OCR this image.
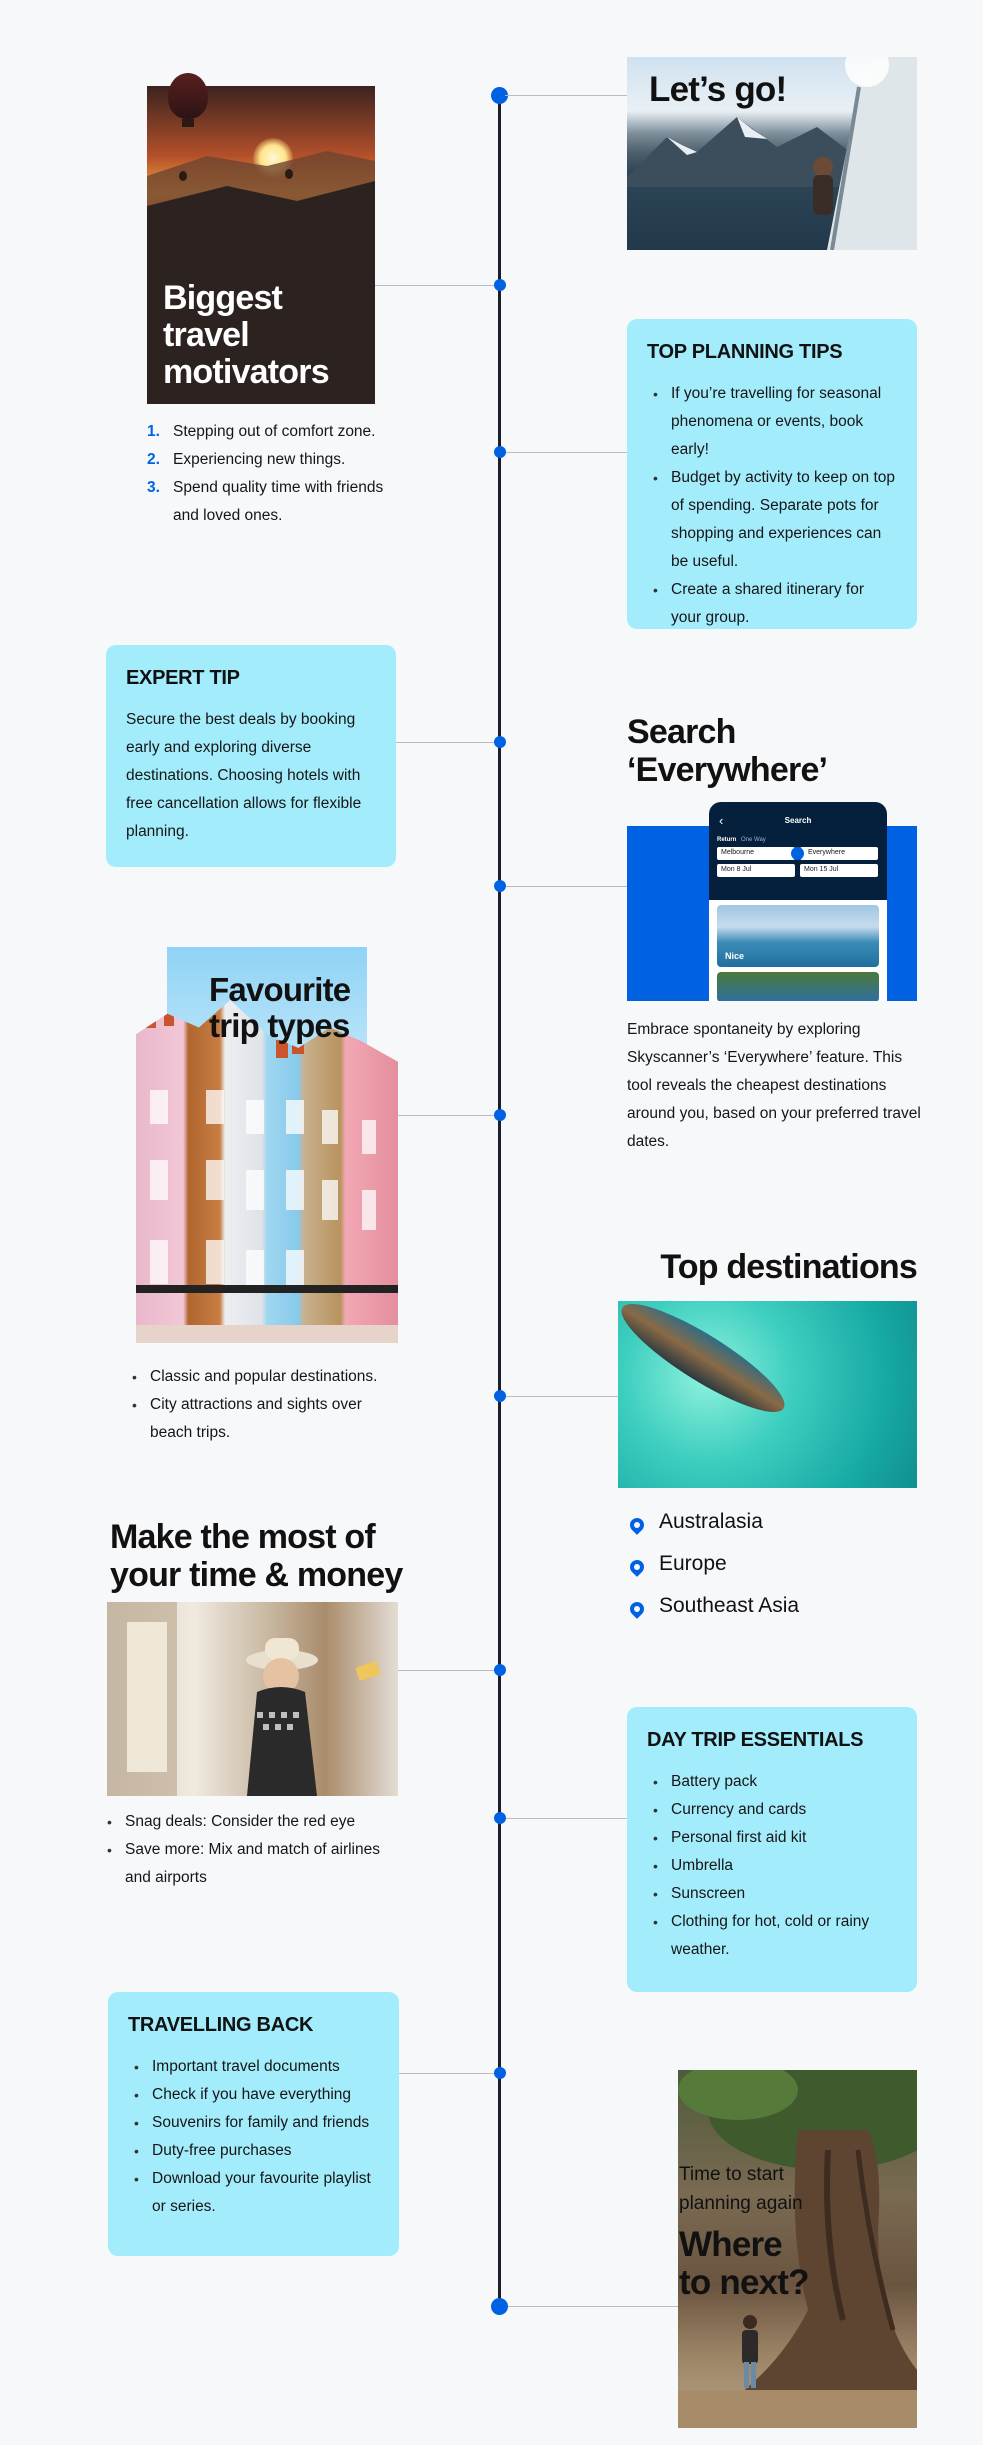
Let’s go!
Biggest
travel
motivators
1. Stepping out of comfort zone.
2. Experiencing new things.
3. Spend quality time with friends and loved ones.
TOP PLANNING TIPS
• If you’re travelling for seasonal phenomena or events, book early!
• Budget by activity to keep on top of spending. Separate pots for shopping and experiences can be useful.
• Create a shared itinerary for your group.
EXPERT TIP

Secure the best deals by booking early and exploring diverse destinations. Choosing hotels with free cancellation allows for flexible planning.

Search
‘Everywhere’
‹	Search
Return One Way
Melbourne	Everywhere
Mon 8 Jul	Mon 15 Jul
Nice

Embrace spontaneity by exploring Skyscanner’s ‘Everywhere’ feature. This tool reveals the cheapest destinations around you, based on your preferred travel dates.

Favourite
trip types
• Classic and popular destinations.
• City attractions and sights over beach trips.
Top destinations
Australasia
Europe
Southeast Asia
Make the most of
your time & money
• Snag deals: Consider the red eye
• Save more: Mix and match of airlines and airports
DAY TRIP ESSENTIALS
• Battery pack
• Currency and cards
• Personal first aid kit
• Umbrella
• Sunscreen
• Clothing for hot, cold or rainy weather.
TRAVELLING BACK
• Important travel documents
• Check if you have everything
• Souvenirs for family and friends
• Duty-free purchases
• Download your favourite playlist or series.
Time to start
planning again
Where
to next?
